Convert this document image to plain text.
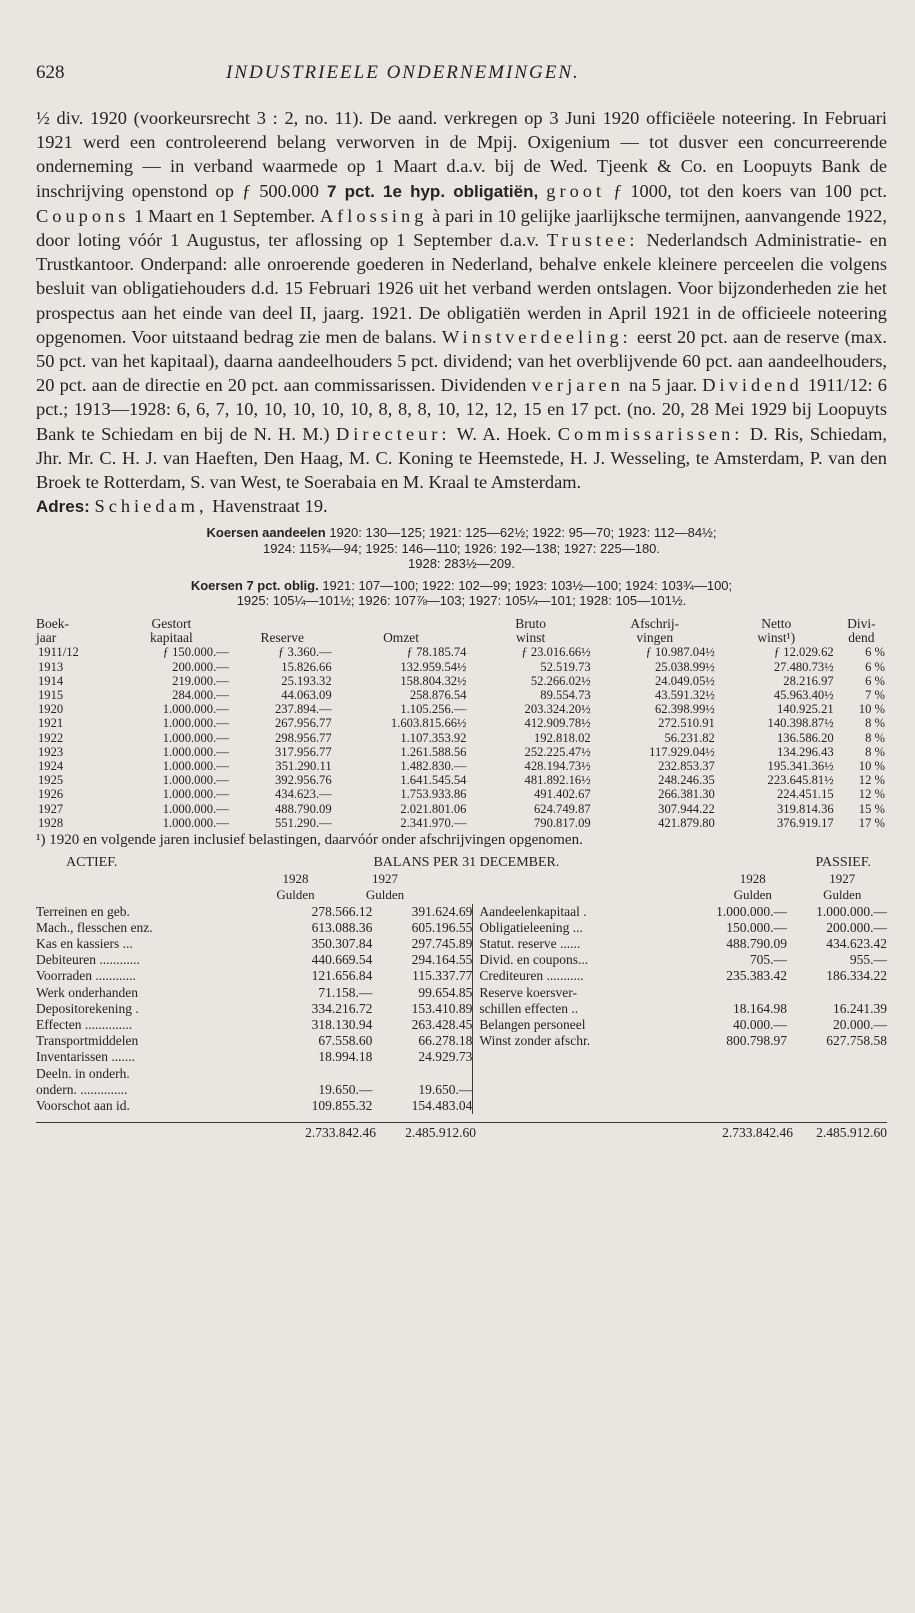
628	INDUSTRIEELE ONDERNEMINGEN.

½ div. 1920 (voorkeursrecht 3 : 2, no. 11). De aand. verkregen op 3 Juni 1920 officiëele noteering. In Februari 1921 werd een controleerend belang verworven in de Mpij. Oxigenium — tot dusver een concurreerende onderneming — in verband waarmede op 1 Maart d.a.v. bij de Wed. Tjeenk & Co. en Loopuyts Bank de inschrijving openstond op ƒ 500.000 7 pct. 1e hyp. obligatiën, groot ƒ 1000, tot den koers van 100 pct. Coupons 1 Maart en 1 September. Aflossing à pari in 10 gelijke jaarlijksche termijnen, aanvangende 1922, door loting vóór 1 Augustus, ter aflossing op 1 September d.a.v. Trustee: Nederlandsch Administratie- en Trustkantoor. Onderpand: alle onroerende goederen in Nederland, behalve enkele kleinere perceelen die volgens besluit van obligatiehouders d.d. 15 Februari 1926 uit het verband werden ontslagen. Voor bijzonderheden zie het prospectus aan het einde van deel II, jaarg. 1921. De obligatiën werden in April 1921 in de officieele noteering opgenomen. Voor uitstaand bedrag zie men de balans. Winstverdeeling: eerst 20 pct. aan de reserve (max. 50 pct. van het kapitaal), daarna aandeelhouders 5 pct. dividend; van het overblijvende 60 pct. aan aandeelhouders, 20 pct. aan de directie en 20 pct. aan commissarissen. Dividenden verjaren na 5 jaar. Dividend 1911/12: 6 pct.; 1913—1928: 6, 6, 7, 10, 10, 10, 10, 10, 8, 8, 8, 10, 12, 12, 15 en 17 pct. (no. 20, 28 Mei 1929 bij Loopuyts Bank te Schiedam en bij de N. H. M.) Directeur: W. A. Hoek. Commissarissen: D. Ris, Schiedam, Jhr. Mr. C. H. J. van Haeften, Den Haag, M. C. Koning te Heemstede, H. J. Wesseling, te Amsterdam, P. van den Broek te Rotterdam, S. van West, te Soerabaia en M. Kraal te Amsterdam.
Adres: Schiedam, Havenstraat 19.

Koersen aandeelen 1920: 130—125; 1921: 125—62½; 1922: 95—70; 1923: 112—84½;
1924: 115¾—94; 1925: 146—110; 1926: 192—138; 1927: 225—180.
1928: 283½—209.
Koersen 7 pct. oblig. 1921: 107—100; 1922: 102—99; 1923: 103½—100; 1924: 103¾—100;
1925: 105¼—101½; 1926: 107⅞—103; 1927: 105¼—101; 1928: 105—101½.
Boek-	Gestort			Bruto	Afschrij-	Netto	Divi-
jaar	kapitaal	Reserve	Omzet	winst	vingen	winst¹)	dend
1911/12	ƒ 150.000.—	ƒ 3.360.—	ƒ 78.185.74	ƒ 23.016.66½	ƒ 10.987.04½	ƒ 12.029.62	6 %
1913	200.000.—	15.826.66	132.959.54½	52.519.73	25.038.99½	27.480.73½	6 %
1914	219.000.—	25.193.32	158.804.32½	52.266.02½	24.049.05½	28.216.97	6 %
1915	284.000.—	44.063.09	258.876.54	89.554.73	43.591.32½	45.963.40½	7 %
1920	1.000.000.—	237.894.—	1.105.256.—	203.324.20½	62.398.99½	140.925.21	10 %
1921	1.000.000.—	267.956.77	1.603.815.66½	412.909.78½	272.510.91	140.398.87½	8 %
1922	1.000.000.—	298.956.77	1.107.353.92	192.818.02	56.231.82	136.586.20	8 %
1923	1.000.000.—	317.956.77	1.261.588.56	252.225.47½	117.929.04½	134.296.43	8 %
1924	1.000.000.—	351.290.11	1.482.830.—	428.194.73½	232.853.37	195.341.36½	10 %
1925	1.000.000.—	392.956.76	1.641.545.54	481.892.16½	248.246.35	223.645.81½	12 %
1926	1.000.000.—	434.623.—	1.753.933.86	491.402.67	266.381.30	224.451.15	12 %
1927	1.000.000.—	488.790.09	2.021.801.06	624.749.87	307.944.22	319.814.36	15 %
1928	1.000.000.—	551.290.—	2.341.970.—	790.817.09	421.879.80	376.919.17	17 %

¹) 1920 en volgende jaren inclusief belastingen, daarvóór onder afschrijvingen opgenomen.

ACTIEF.	BALANS PER 31 DECEMBER.	PASSIEF.
1928	1927	1928	1927
Gulden	Gulden	Gulden	Gulden
Terreinen en geb.	278.566.12	391.624.69
Mach., flesschen enz.	613.088.36	605.196.55
Kas en kassiers ...	350.307.84	297.745.89
Debiteuren ............	440.669.54	294.164.55
Voorraden ............	121.656.84	115.337.77
Werk onderhanden	71.158.—	99.654.85
Depositorekening .	334.216.72	153.410.89
Effecten ..............	318.130.94	263.428.45
Transportmiddelen	67.558.60	66.278.18
Inventarissen .......	18.994.18	24.929.73
Deeln. in onderh.
ondern. ..............	19.650.—	19.650.—
Voorschot aan id.	109.855.32	154.483.04
Aandeelenkapitaal .	1.000.000.—	1.000.000.—
Obligatieleening ...	150.000.—	200.000.—
Statut. reserve ......	488.790.09	434.623.42
Divid. en coupons...	705.—	955.—
Crediteuren ...........	235.383.42	186.334.22
Reserve koersver-
schillen effecten ..	18.164.98	16.241.39
Belangen personeel	40.000.—	20.000.—
Winst zonder afschr.	800.798.97	627.758.58
2.733.842.46	2.485.912.60	2.733.842.46	2.485.912.60
